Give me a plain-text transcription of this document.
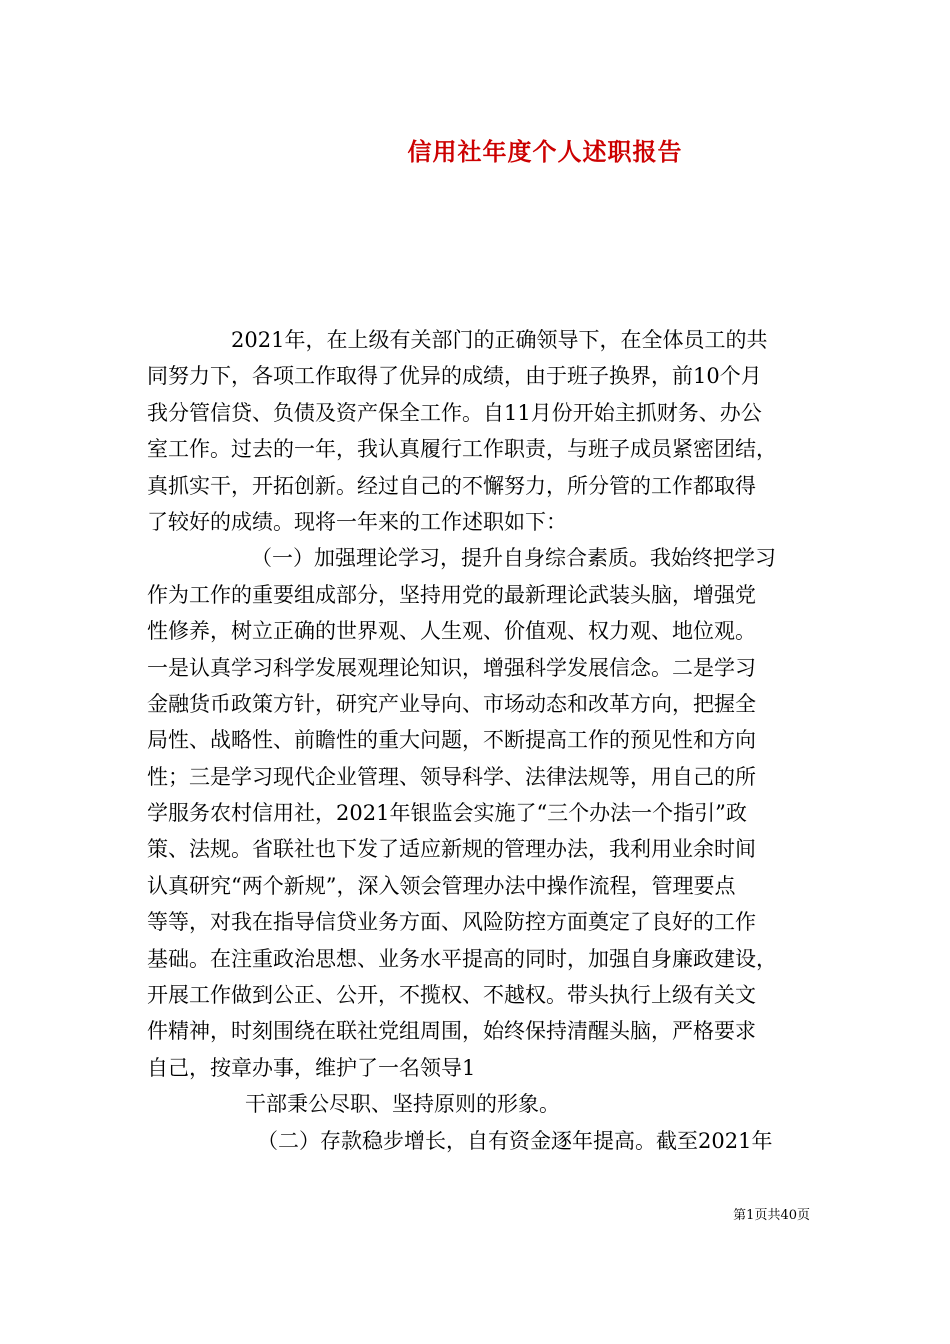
信用社年度个人述职报告
2021年，在上级有关部门的正确领导下，在全体员工的共
同努力下，各项工作取得了优异的成绩，由于班子换界，前10个月
我分管信贷、负债及资产保全工作。自11月份开始主抓财务、办公
室工作。过去的一年，我认真履行工作职责，与班子成员紧密团结，
真抓实干，开拓创新。经过自己的不懈努力，所分管的工作都取得
了较好的成绩。现将一年来的工作述职如下：
（一）加强理论学习，提升自身综合素质。我始终把学习
作为工作的重要组成部分，坚持用党的最新理论武装头脑，增强党
性修养，树立正确的世界观、人生观、价值观、权力观、地位观。
一是认真学习科学发展观理论知识，增强科学发展信念。二是学习
金融货币政策方针，研究产业导向、市场动态和改革方向，把握全
局性、战略性、前瞻性的重大问题，不断提高工作的预见性和方向
性；三是学习现代企业管理、领导科学、法律法规等，用自己的所
学服务农村信用社，2021年银监会实施了“三个办法一个指引”政
策、法规。省联社也下发了适应新规的管理办法，我利用业余时间
认真研究“两个新规”，深入领会管理办法中操作流程，管理要点
等等，对我在指导信贷业务方面、风险防控方面奠定了良好的工作
基础。在注重政治思想、业务水平提高的同时，加强自身廉政建设，
开展工作做到公正、公开，不揽权、不越权。带头执行上级有关文
件精神，时刻围绕在联社党组周围，始终保持清醒头脑，严格要求
自己，按章办事，维护了一名领导1
干部秉公尽职、坚持原则的形象。
（二）存款稳步增长，自有资金逐年提高。截至2021年
第1页共40页
